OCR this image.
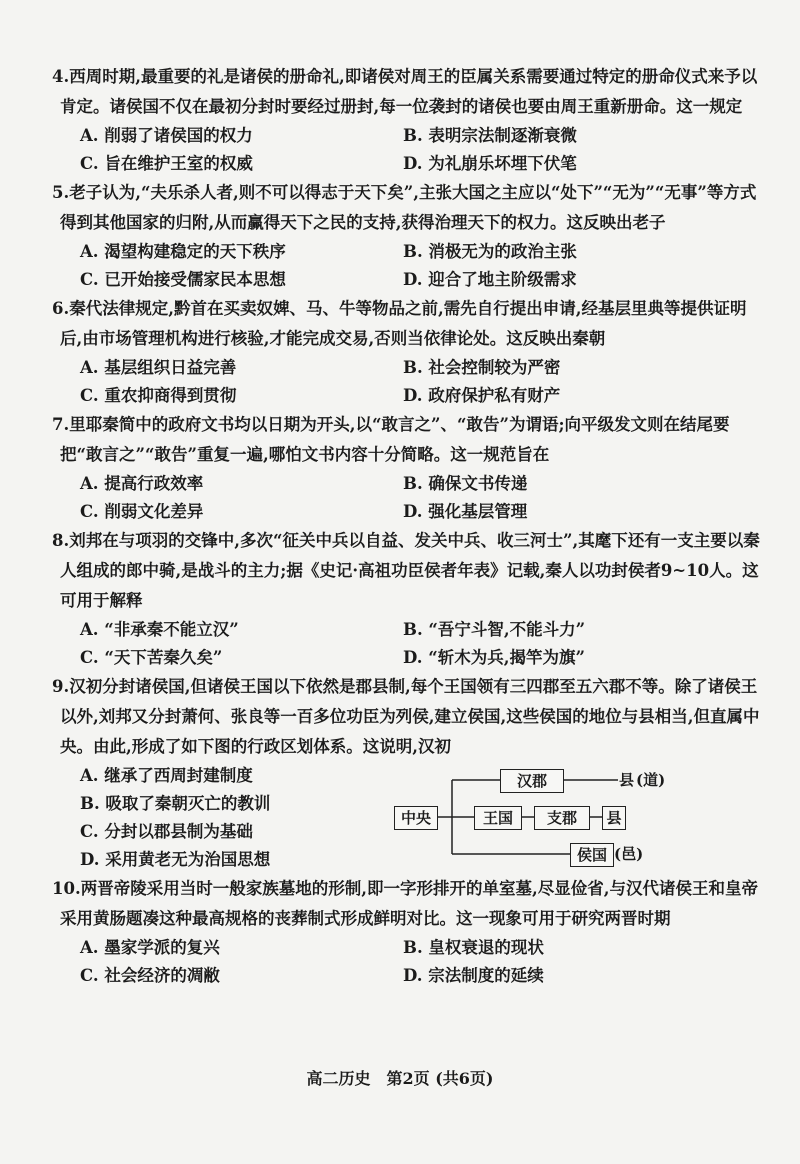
4.西周时期,最重要的礼是诸侯的册命礼,即诸侯对周王的臣属关系需要通过特定的册命仪式来予以肯定。诸侯国不仅在最初分封时要经过册封,每一位袭封的诸侯也要由周王重新册命。这一规定
A. 削弱了诸侯国的权力	B. 表明宗法制逐渐衰微
C. 旨在维护王室的权威	D. 为礼崩乐坏埋下伏笔
5.老子认为,“夫乐杀人者,则不可以得志于天下矣”,主张大国之主应以“处下”“无为”“无事”等方式得到其他国家的归附,从而赢得天下之民的支持,获得治理天下的权力。这反映出老子
A. 渴望构建稳定的天下秩序	B. 消极无为的政治主张
C. 已开始接受儒家民本思想	D. 迎合了地主阶级需求
6.秦代法律规定,黔首在买卖奴婢、马、牛等物品之前,需先自行提出申请,经基层里典等提供证明后,由市场管理机构进行核验,才能完成交易,否则当依律论处。这反映出秦朝
A. 基层组织日益完善	B. 社会控制较为严密
C. 重农抑商得到贯彻	D. 政府保护私有财产
7.里耶秦简中的政府文书均以日期为开头,以“敢言之”、“敢告”为谓语;向平级发文则在结尾要把“敢言之”“敢告”重复一遍,哪怕文书内容十分简略。这一规范旨在
A. 提高行政效率	B. 确保文书传递
C. 削弱文化差异	D. 强化基层管理
8.刘邦在与项羽的交锋中,多次“征关中兵以自益、发关中兵、收三河士”,其麾下还有一支主要以秦人组成的郎中骑,是战斗的主力;据《史记·高祖功臣侯者年表》记载,秦人以功封侯者9~10人。这可用于解释
A. “非承秦不能立汉”	B. “吾宁斗智,不能斗力”
C. “天下苦秦久矣”	D. “斩木为兵,揭竿为旗”
9.汉初分封诸侯国,但诸侯王国以下依然是郡县制,每个王国领有三四郡至五六郡不等。除了诸侯王以外,刘邦又分封萧何、张良等一百多位功臣为列侯,建立侯国,这些侯国的地位与县相当,但直属中央。由此,形成了如下图的行政区划体系。这说明,汉初
A. 继承了西周封建制度
B. 吸取了秦朝灭亡的教训
C. 分封以郡县制为基础
D. 采用黄老无为治国思想
中央
汉郡	县 (道)
王国	支郡	县
侯国 (邑)
10.两晋帝陵采用当时一般家族墓地的形制,即一字形排开的单室墓,尽显俭省,与汉代诸侯王和皇帝采用黄肠题凑这种最高规格的丧葬制式形成鲜明对比。这一现象可用于研究两晋时期
A. 墨家学派的复兴	B. 皇权衰退的现状
C. 社会经济的凋敝	D. 宗法制度的延续
高二历史　第2页 (共6页)
